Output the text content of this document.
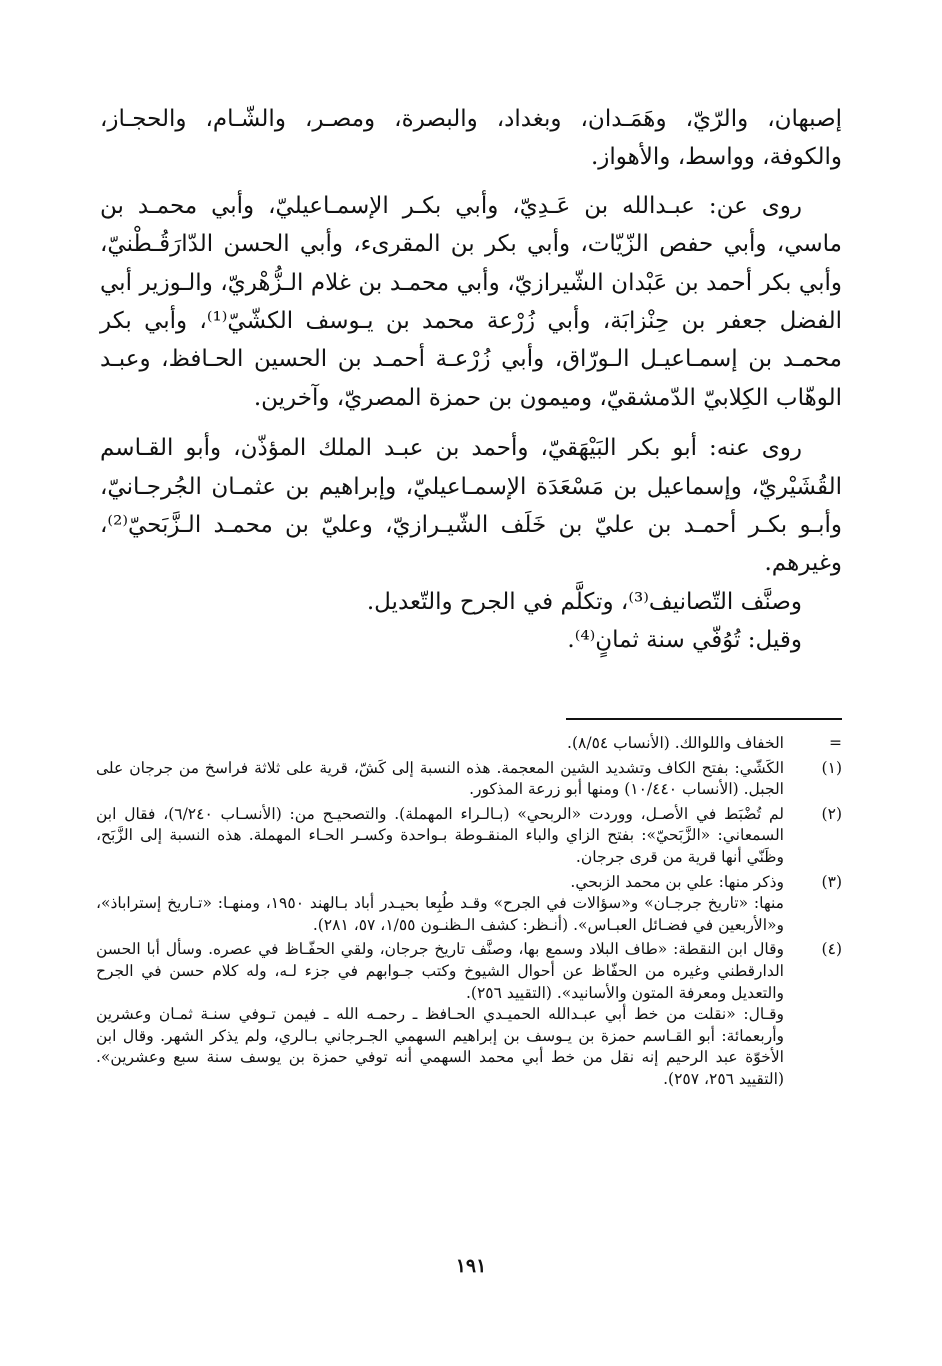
إصبهان، والرّيّ، وهَمَـدان، وبغداد، والبصرة، ومصـر، والشّـام، والحجـاز، والكوفة، وواسط، والأهواز.

روى عن: عبـدالله بن عَـدِيّ، وأبي بكـر الإسمـاعيليّ، وأبي محمـد بن ماسي، وأبي حفص الزّيّات، وأبي بكر بن المقرىء، وأبي الحسن الدّارَقُـطْنيّ، وأبي بكر أحمد بن عَبْدان الشّيرازيّ، وأبي محمـد بن غلام الـزُّهْريّ، والـوزير أبي الفضل جعفر بن حِنْزابَة، وأبي زُرْعة محمد بن يـوسف الكشّيّ⁽¹⁾، وأبي بكر محمـد بن إسمـاعيـل الـورّاق، وأبي زُرْعـة أحمـد بن الحسين الحـافظ، وعبـد الوهّاب الكِلابيّ الدّمشقيّ، وميمون بن حمزة المصريّ، وآخرين.

روى عنه: أبو بكر البَيْهَقيّ، وأحمد بن عبـد الملك المؤذّن، وأبو القـاسم القُشَيْريّ، وإسماعيل بن مَسْعَدَة الإسمـاعيليّ، وإبراهيم بن عثمـان الجُرجـانيّ، وأبـو بكـر أحمـد بن عليّ بن خَلَف الشّيـرازيّ، وعليّ بن محمـد الـزَّبَحيّ⁽²⁾، وغيرهم.

وصنَّف التّصانيف⁽³⁾، وتكلَّم في الجرح والتّعديل.

وقيل: تُوُفّي سنة ثمانٍ⁽⁴⁾.

=

الخفاف واللوالك. (الأنساب ٨/٥٤).

(١)

الكَشّي: بفتح الكاف وتشديد الشين المعجمة. هذه النسبة إلى كَشّ، قرية على ثلاثة فراسخ من جرجان على الجبل. (الأنساب ١٠/٤٤٠) ومنها أبو زرعة المذكور.

(٢)

لم تُضْبَط في الأصـل، ووردت «الربحي» (بـالـراء المهملة). والتصحيـح من: (الأنسـاب ٦/٢٤٠)، فقال ابن السمعاني: «الزَّبَحيّ»: بفتح الزاي والباء المنقـوطة بـواحدة وكسـر الحـاء المهملة. هذه النسبة إلى الزَّبَح، وظَنّي أنها قرية من قرى جرجان.

(٣)

وذكر منها: علي بن محمد الزبحي.

منها: «تاريخ جرجـان» و«سؤالات في الجرح» وقـد طُبِعا بحيـدر أباد بـالهند ١٩٥٠، ومنهـا: «تـاريخ إستراباذ»، و«الأربعين في فضـائل العبـاس». (أنـظر: كشف الـظنـون ١/٥٥، ٥٧، ٢٨١).

(٤)

وقال ابن النقطة: «طاف البلاد وسمع بها، وصنَّف تاريخ جرجان، ولقي الحفّـاظ في عصره. وسأل أبا الحسن الدارقطني وغيره من الحفّاظ عن أحوال الشيوخ وكتب جـوابهم في جزء لـه، وله كلام حسن في الجرح والتعديل ومعرفة المتون والأسانيد». (التقييد ٢٥٦).

وقـال: «نقلت من خط أبي عبـدالله الحميـدي الحـافظ ـ رحمـه الله ـ فيمن تـوفي سنـة ثمـان وعشرين وأربعمائة: أبو القـاسم حمزة بن يـوسف بن إبراهيم السهمي الجـرجاني بـالري، ولم يذكر الشهر. وقال ابن الأخوّة عبد الرحيم إنه نقل من خط أبي محمد السهمي أنه توفي حمزة بن يوسف سنة سبع وعشرين». (التقييد ٢٥٦، ٢٥٧).

١٩١
